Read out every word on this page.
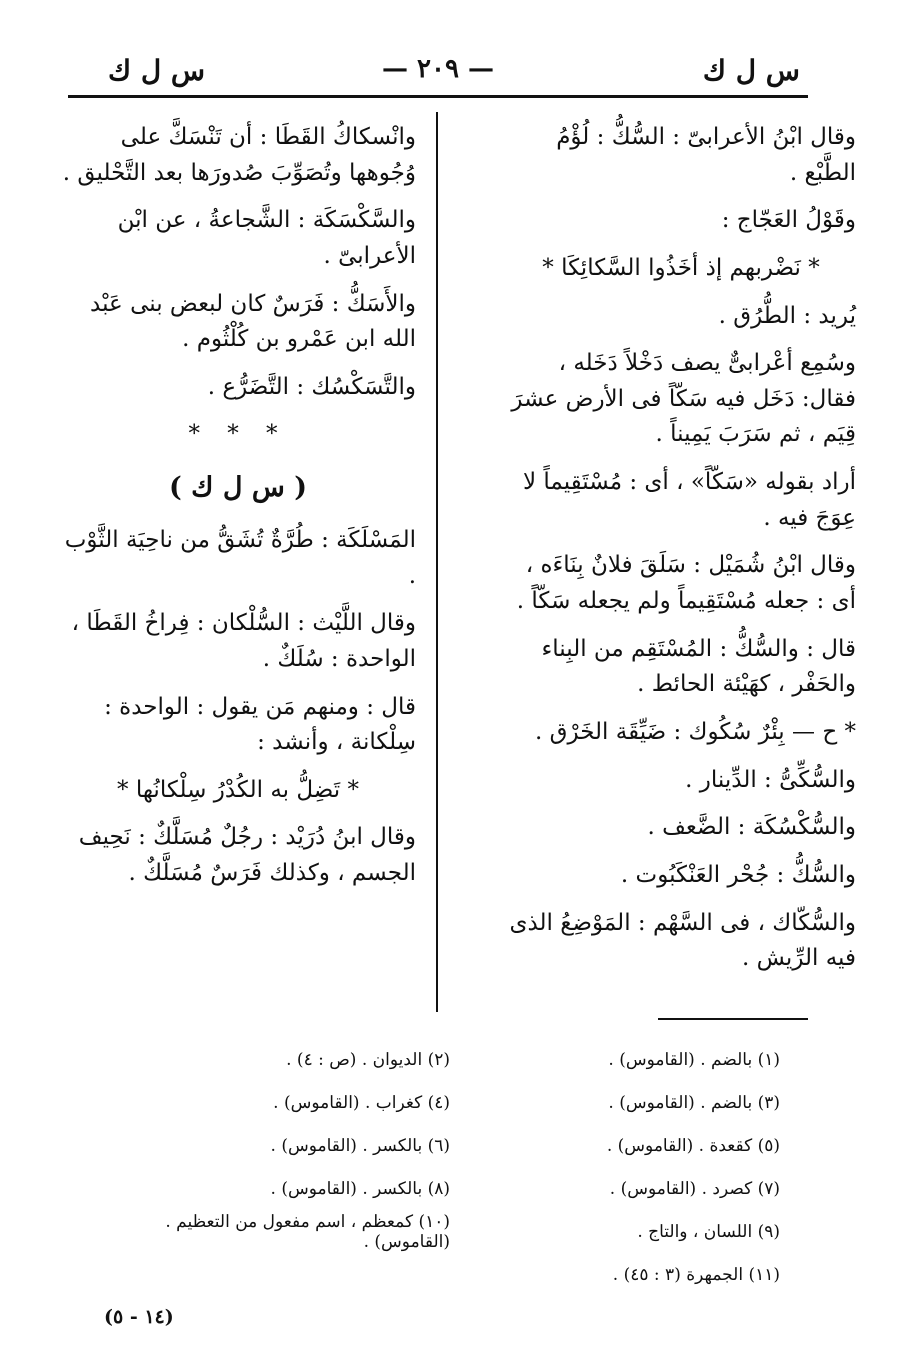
س ل ك
— ٢٠٩ —
س ل ك

وقال ابْنُ الأعرابىّ : السُّكُّ : لُؤْمُ الطَّبْع .

وقَوْلُ العَجّاج :

* نَضْربهم إذ أخَذُوا السَّكائِكَا *

يُريد : الطُّرُق .

وسُمِع أعْرابىٌّ يصف دَخْلاً دَخَله ، فقال: دَخَل فيه سَكّاً فى الأرض عشرَ قِيَم ، ثم سَرَبَ يَمِيناً .

أراد بقوله «سَكّاً» ، أى : مُسْتَقِيماً لا عِوَجَ فيه .

وقال ابْنُ شُمَيْل : سَلَقَ فلانٌ بِنَاءَه ، أى : جعله مُسْتَقِيماً ولم يجعله سَكّاً .

قال : والسُّكُّ : المُسْتَقِم من البِناء والحَفْر ، كهَيْئة الحائط .

* ح — بِئْرٌ سُكُوك : ضَيِّقَة الخَرْق .

والسُّكِّىُّ : الدِّينار .

والسُّكْسُكَة : الضَّعف .

والسُّكُّ : جُحْر العَنْكَبُوت .

والسُّكّاك ، فى السَّهْم : المَوْضِعُ الذى فيه الرِّيش .

وانْسكاكُ القَطَا : أن تَنْسَكَّ على وُجُوهها وتُصَوِّبَ صُدورَها بعد التَّحْليق .

والسَّكْسَكَة : الشَّجاعةُ ، عن ابْن الأعرابىّ .

والأَسَكُّ : فَرَسٌ كان لبعض بنى عَبْد الله ابن عَمْرو بن كُلْثُوم .

والتَّسَكْسُك : التَّضَرُّع .

* * *
( س ل ك )

المَسْلَكَة : طُرَّةٌ تُشَقُّ من ناحِيَة الثَّوْب .

وقال اللَّيْث : السُّلْكان : فِراخُ القَطَا ، الواحدة : سُلَكٌ .

قال : ومنهم مَن يقول : الواحدة : سِلْكانة ، وأنشد :

* تَضِلُّ به الكُدْرُ سِلْكانُها *

وقال ابنُ دُرَيْد : رجُلٌ مُسَلَّكٌ : نَحِيف الجسم ، وكذلك فَرَسٌ مُسَلَّكٌ .

(١) بالضم . (القاموس) .
(٢) الديوان . (ص : ٤) .
(٣) بالضم . (القاموس) .
(٤) كغراب . (القاموس) .
(٥) كقعدة . (القاموس) .
(٦) بالكسر . (القاموس) .
(٧) كصرد . (القاموس) .
(٨) بالكسر . (القاموس) .
(٩) اللسان ، والتاج .
(١٠) كمعظم ، اسم مفعول من التعظيم . (القاموس) .
(١١) الجمهرة (٣ : ٤٥) .
(١٤ - ٥)
